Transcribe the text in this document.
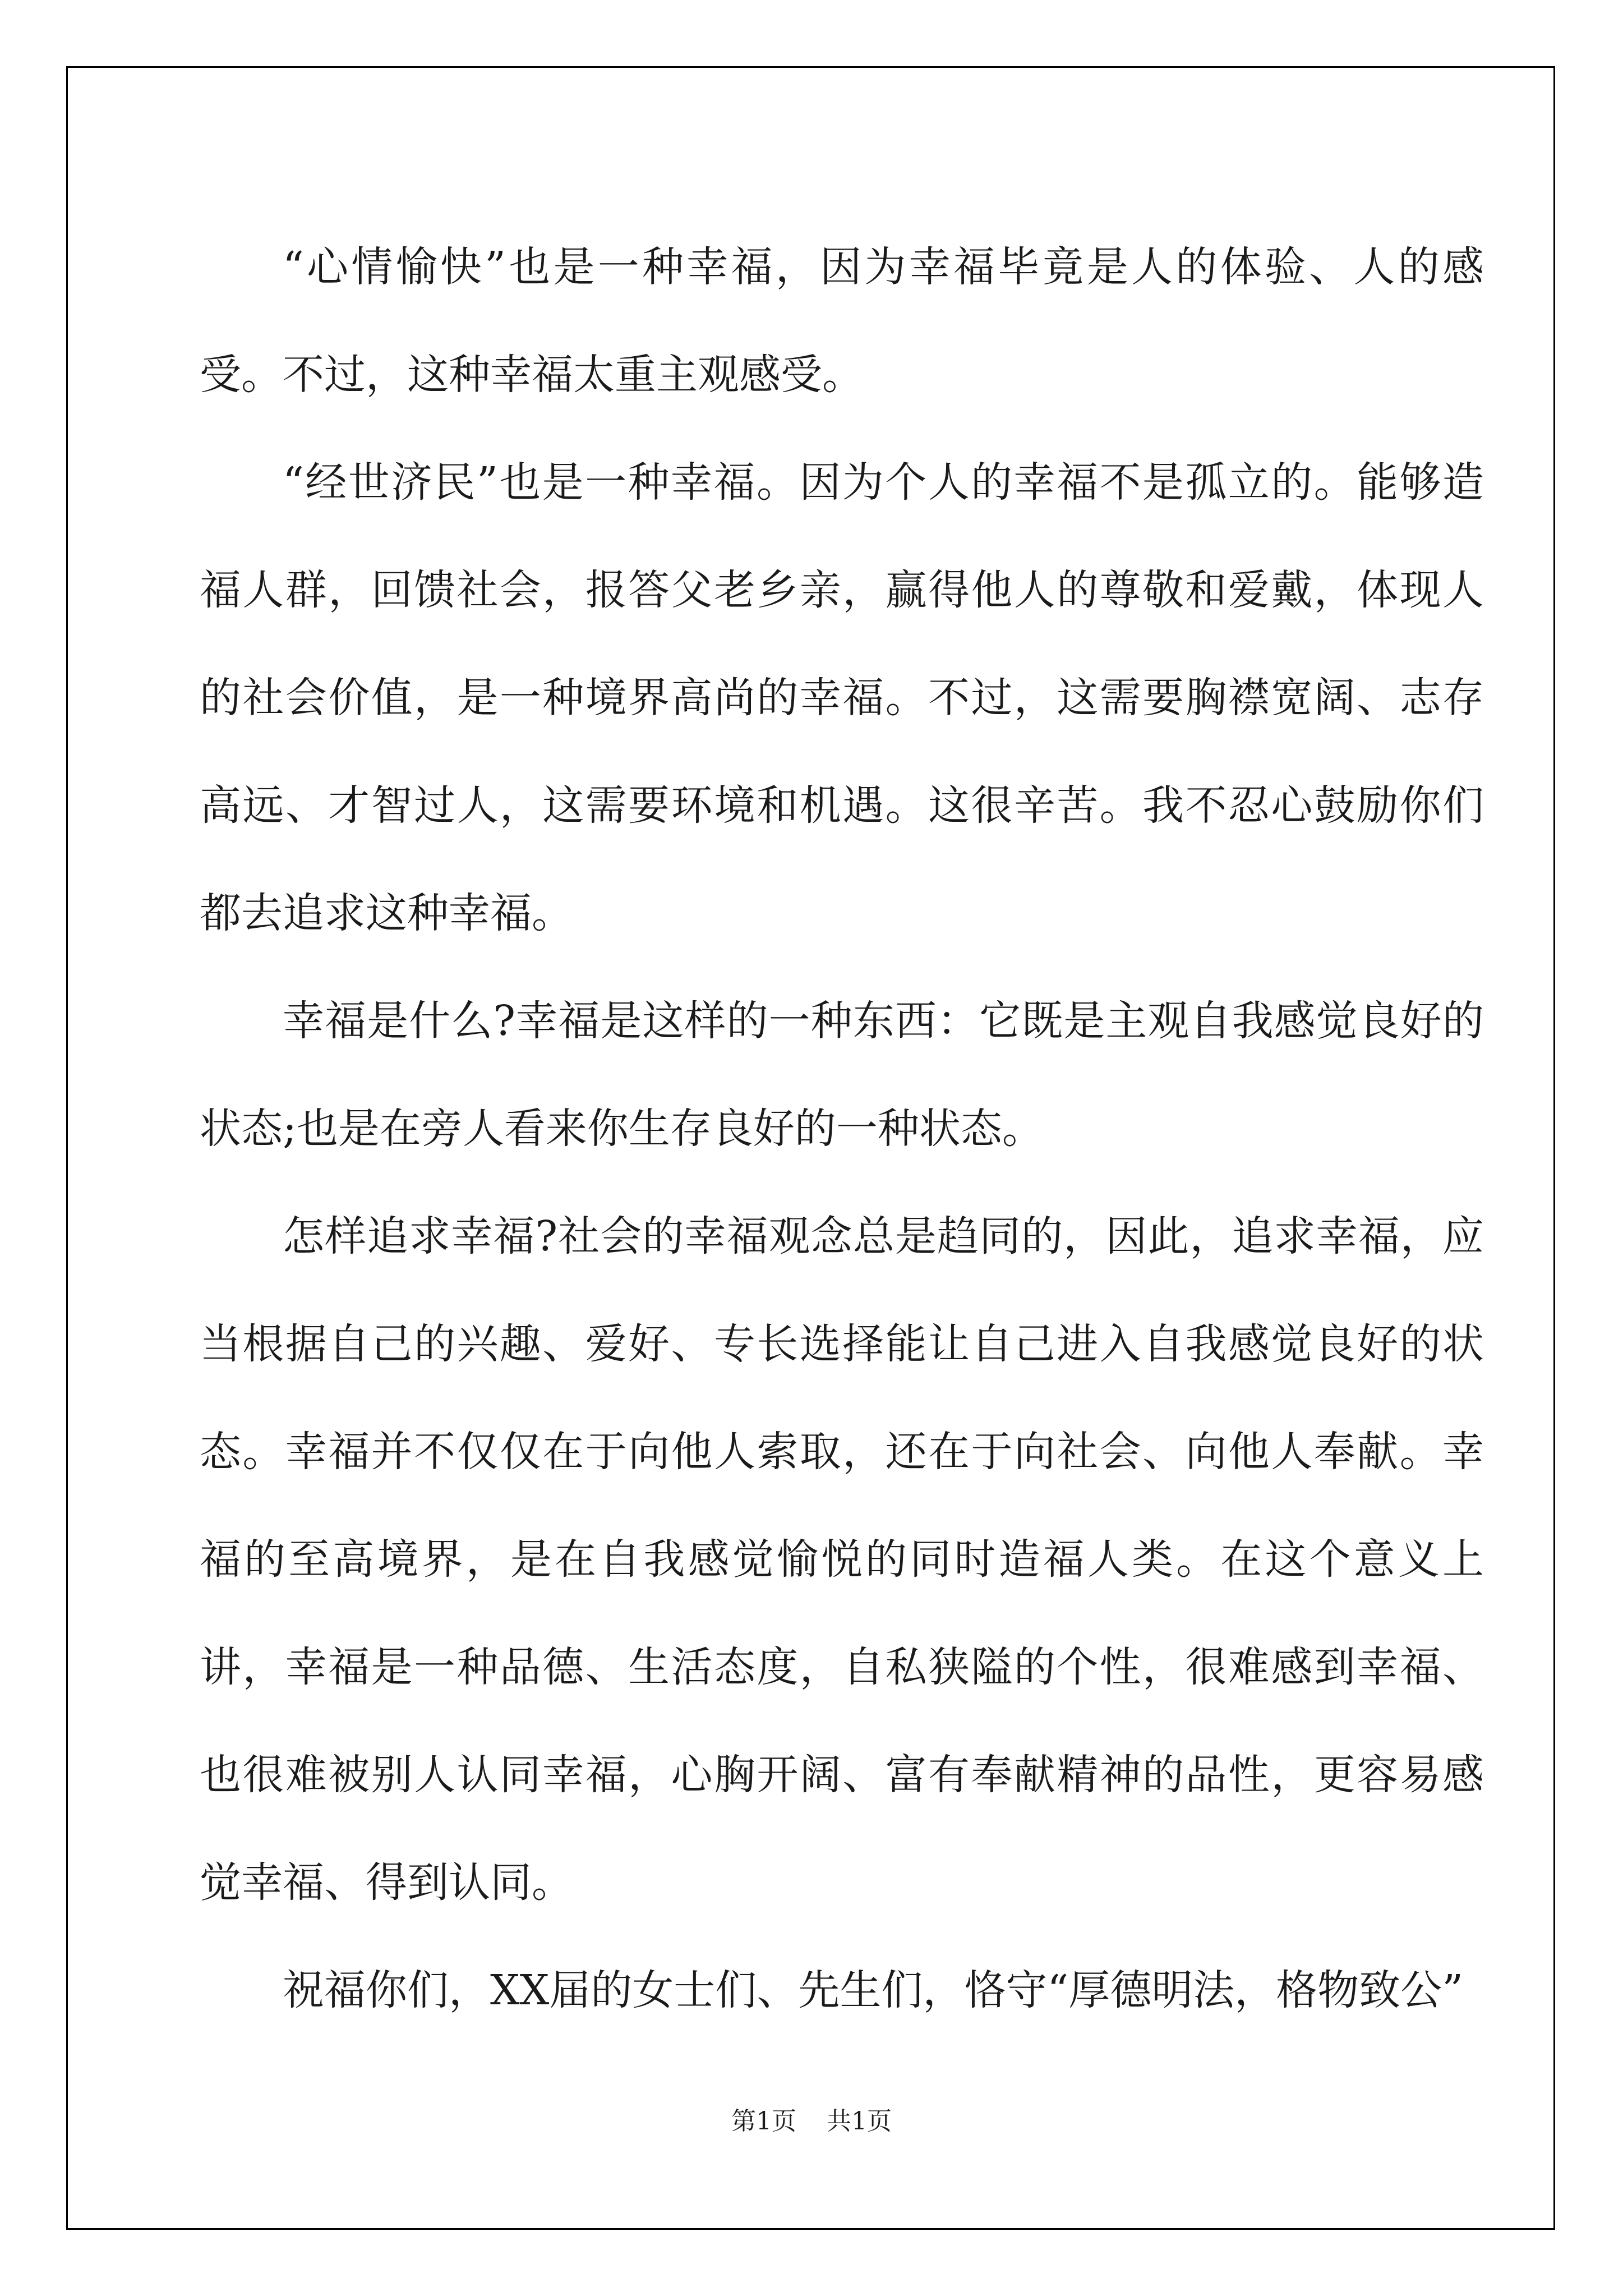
“心情愉快”也是一种幸福，因为幸福毕竟是人的体验、人的感受。不过，这种幸福太重主观感受。

“经世济民”也是一种幸福。因为个人的幸福不是孤立的。能够造福人群，回馈社会，报答父老乡亲，赢得他人的尊敬和爱戴，体现人的社会价值，是一种境界高尚的幸福。不过，这需要胸襟宽阔、志存高远、才智过人，这需要环境和机遇。这很辛苦。我不忍心鼓励你们都去追求这种幸福。

幸福是什么?幸福是这样的一种东西：它既是主观自我感觉良好的状态;也是在旁人看来你生存良好的一种状态。

怎样追求幸福?社会的幸福观念总是趋同的，因此，追求幸福，应当根据自己的兴趣、爱好、专长选择能让自己进入自我感觉良好的状态。幸福并不仅仅在于向他人索取，还在于向社会、向他人奉献。幸福的至高境界，是在自我感觉愉悦的同时造福人类。在这个意义上讲，幸福是一种品德、生活态度，自私狭隘的个性，很难感到幸福、也很难被别人认同幸福，心胸开阔、富有奉献精神的品性，更容易感觉幸福、得到认同。

祝福你们，XX届的女士们、先生们，恪守“厚德明法，格物致公”

第1页 共1页
